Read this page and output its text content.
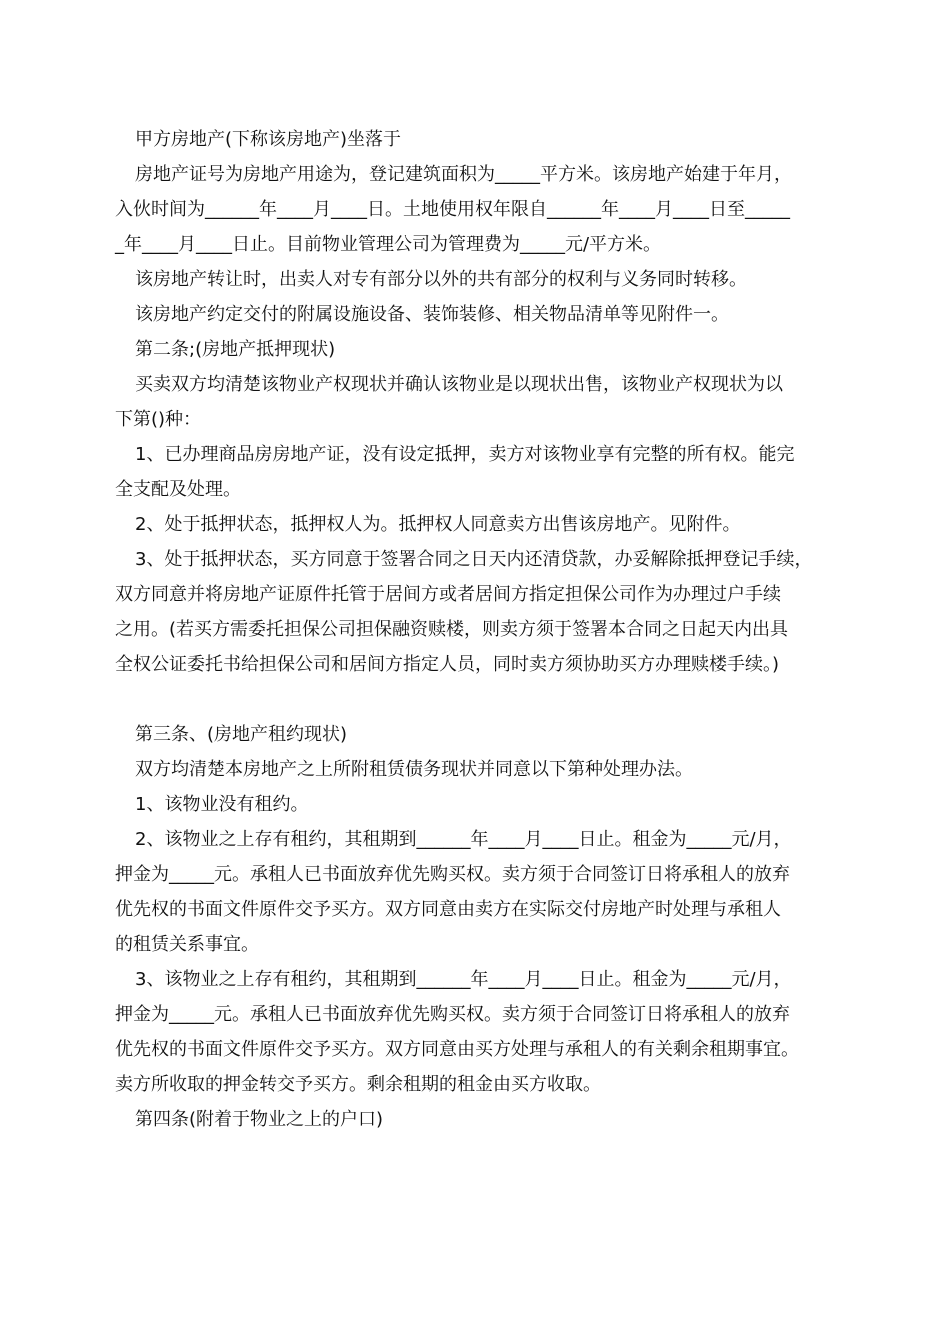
甲方房地产(下称该房地产)坐落于

房地产证号为房地产用途为，登记建筑面积为_____平方米。该房地产始建于年月，

入伙时间为______年____月____日。土地使用权年限自______年____月____日至_____

_年____月____日止。目前物业管理公司为管理费为_____元/平方米。

该房地产转让时，出卖人对专有部分以外的共有部分的权利与义务同时转移。

该房地产约定交付的附属设施设备、装饰装修、相关物品清单等见附件一。

第二条;(房地产抵押现状)

买卖双方均清楚该物业产权现状并确认该物业是以现状出售，该物业产权现状为以

下第()种：

1、已办理商品房房地产证，没有设定抵押，卖方对该物业享有完整的所有权。能完

全支配及处理。

2、处于抵押状态，抵押权人为。抵押权人同意卖方出售该房地产。见附件。

3、处于抵押状态，买方同意于签署合同之日天内还清贷款，办妥解除抵押登记手续，

双方同意并将房地产证原件托管于居间方或者居间方指定担保公司作为办理过户手续

之用。(若买方需委托担保公司担保融资赎楼，则卖方须于签署本合同之日起天内出具

全权公证委托书给担保公司和居间方指定人员，同时卖方须协助买方办理赎楼手续。)

第三条、(房地产租约现状)

双方均清楚本房地产之上所附租赁债务现状并同意以下第种处理办法。

1、该物业没有租约。

2、该物业之上存有租约，其租期到______年____月____日止。租金为_____元/月，

押金为_____元。承租人已书面放弃优先购买权。卖方须于合同签订日将承租人的放弃

优先权的书面文件原件交予买方。双方同意由卖方在实际交付房地产时处理与承租人

的租赁关系事宜。

3、该物业之上存有租约，其租期到______年____月____日止。租金为_____元/月，

押金为_____元。承租人已书面放弃优先购买权。卖方须于合同签订日将承租人的放弃

优先权的书面文件原件交予买方。双方同意由买方处理与承租人的有关剩余租期事宜。

卖方所收取的押金转交予买方。剩余租期的租金由买方收取。

第四条(附着于物业之上的户口)
